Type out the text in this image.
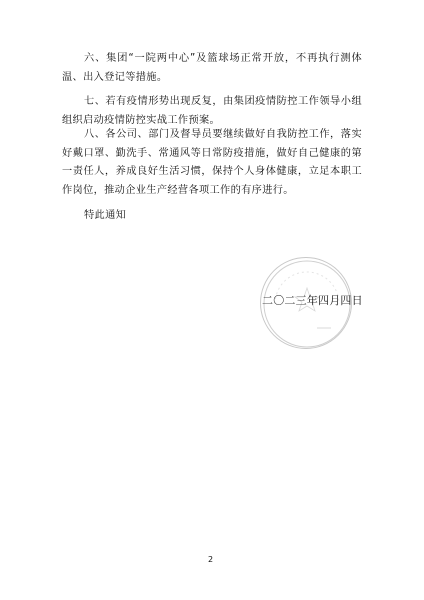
六、集团“一院两中心”及篮球场正常开放，不再执行测体温、出入登记等措施。

七、若有疫情形势出现反复，由集团疫情防控工作领导小组组织启动疫情防控实战工作预案。

八、各公司、部门及督导员要继续做好自我防控工作，落实好戴口罩、勤洗手、常通风等日常防疫措施，做好自己健康的第一责任人，养成良好生活习惯，保持个人身体健康，立足本职工作岗位，推动企业生产经营各项工作的有序进行。

特此通知

二〇二三年四月四日

2
